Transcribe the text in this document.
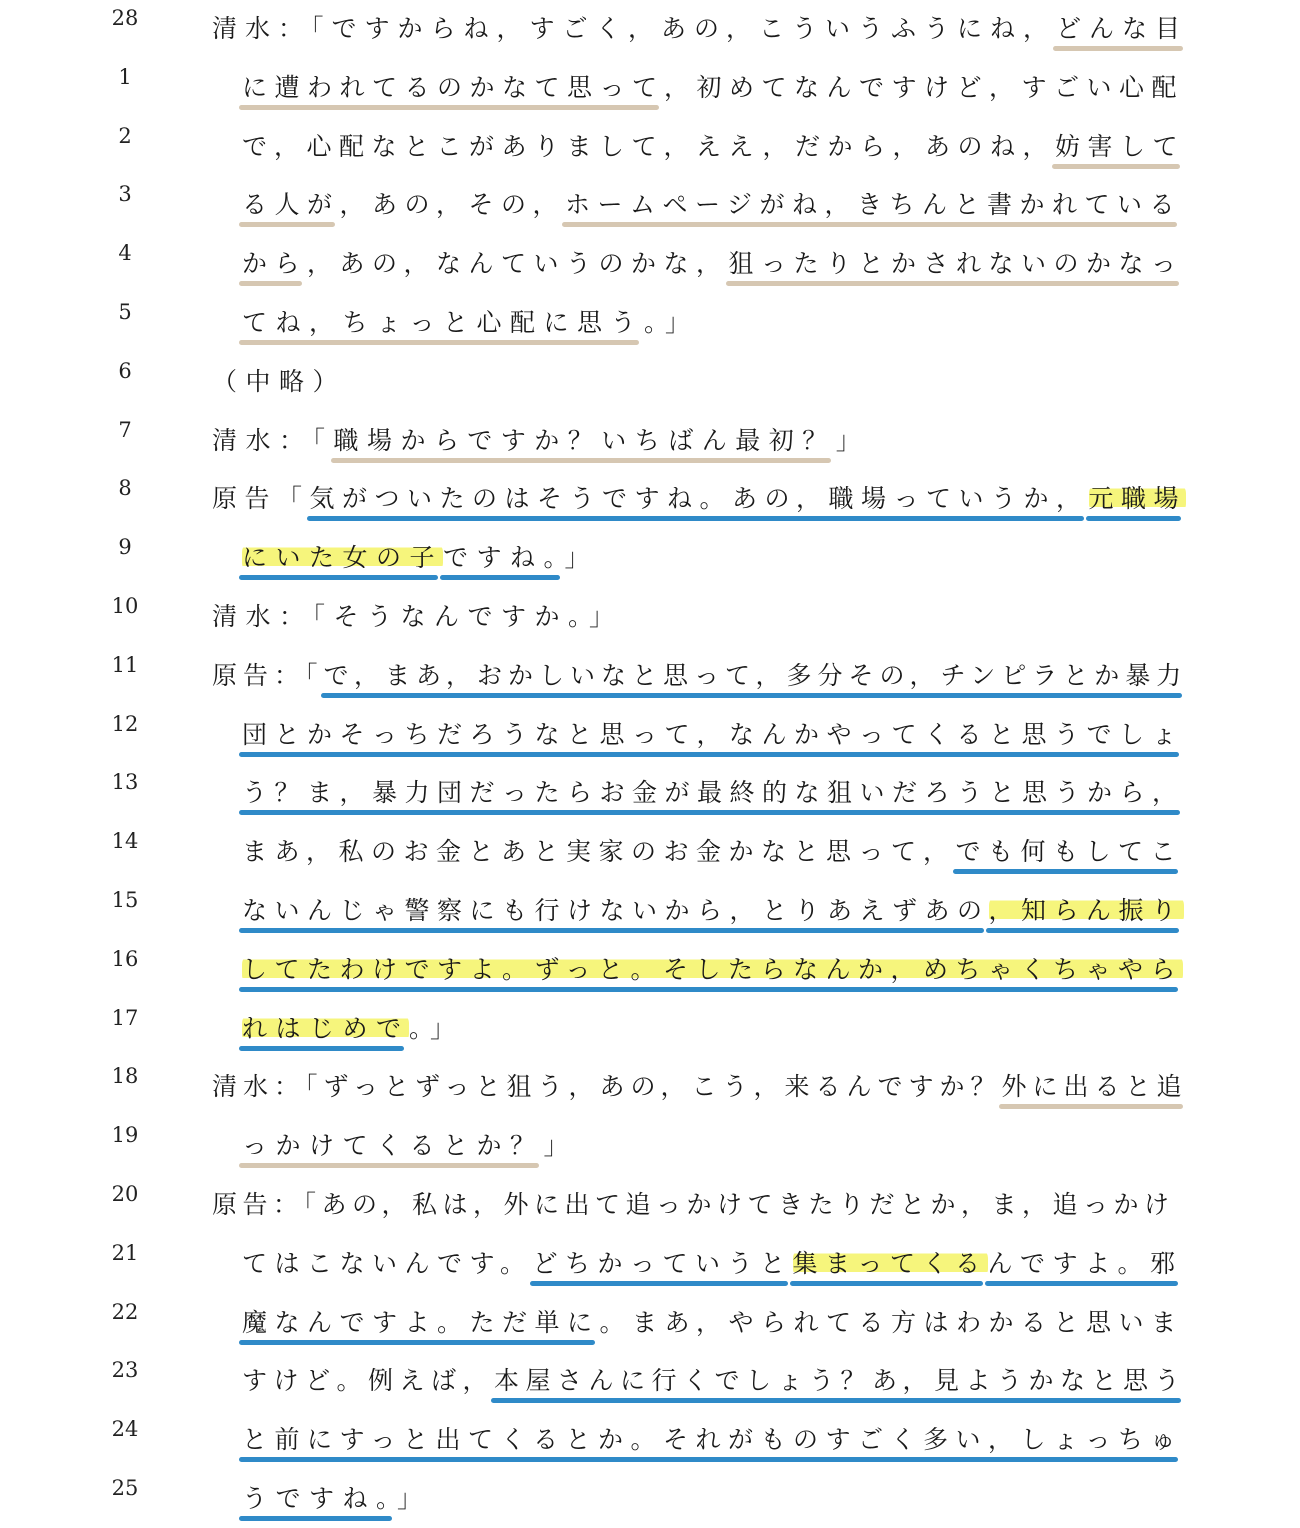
28	清水：「ですからね，すごく，あの，こういうふうにね，どんな目
1	に遭われてるのかなて思って，初めてなんですけど，すごい心配
2	で，心配なとこがありまして，ええ，だから，あのね，妨害して
3	る人が，あの，その，ホームページがね，きちんと書かれている
4	から，あの，なんていうのかな，狙ったりとかされないのかなっ
5	てね，ちょっと心配に思う。」
6	（中略）
7	清水：「職場からですか？いちばん最初？」
8	原告「気がついたのはそうですね。あの，職場っていうか，元職場
9	にいた女の子ですね。」
10	清水：「そうなんですか。」
11	原告：「で，まあ，おかしいなと思って，多分その，チンピラとか暴力
12	団とかそっちだろうなと思って，なんかやってくると思うでしょ
13	う？ま，暴力団だったらお金が最終的な狙いだろうと思うから，
14	まあ，私のお金とあと実家のお金かなと思って，でも何もしてこ
15	ないんじゃ警察にも行けないから，とりあえずあの，知らん振り
16	してたわけですよ。ずっと。そしたらなんか，めちゃくちゃやら
17	れはじめで。」
18	清水：「ずっとずっと狙う，あの，こう，来るんですか？外に出ると追
19	っかけてくるとか？」
20	原告：「あの，私は，外に出て追っかけてきたりだとか，ま，追っかけ
21	てはこないんです。どちかっていうと集まってくるんですよ。邪
22	魔なんですよ。ただ単に。まあ，やられてる方はわかると思いま
23	すけど。例えば，本屋さんに行くでしょう？あ，見ようかなと思う
24	と前にすっと出てくるとか。それがものすごく多い，しょっちゅ
25	うですね。」
